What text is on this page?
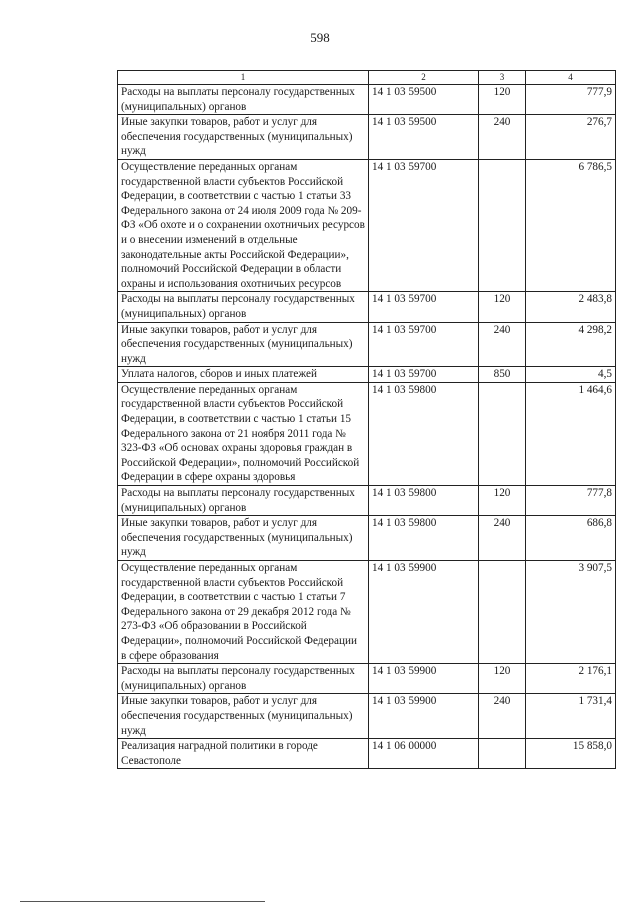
598
1	2	3	4
Расходы на выплаты персоналу государственных (муниципальных) органов	14 1 03 59500	120	777,9
Иные закупки товаров, работ и услуг для обеспечения государственных (муниципальных) нужд	14 1 03 59500	240	276,7
Осуществление переданных органам государственной власти субъектов Российской Федерации, в соответствии с частью 1 статьи 33 Федерального закона от 24 июля 2009 года № 209-ФЗ «Об охоте и о сохранении охотничьих ресурсов и о внесении изменений в отдельные законодательные акты Российской Федерации», полномочий Российской Федерации в области охраны и использования охотничьих ресурсов	14 1 03 59700		6 786,5
Расходы на выплаты персоналу государственных (муниципальных) органов	14 1 03 59700	120	2 483,8
Иные закупки товаров, работ и услуг для обеспечения государственных (муниципальных) нужд	14 1 03 59700	240	4 298,2
Уплата налогов, сборов и иных платежей	14 1 03 59700	850	4,5
Осуществление переданных органам государственной власти субъектов Российской Федерации, в соответствии с частью 1 статьи 15 Федерального закона от 21 ноября 2011 года № 323-ФЗ «Об основах охраны здоровья граждан в Российской Федерации», полномочий Российской Федерации в сфере охраны здоровья	14 1 03 59800		1 464,6
Расходы на выплаты персоналу государственных (муниципальных) органов	14 1 03 59800	120	777,8
Иные закупки товаров, работ и услуг для обеспечения государственных (муниципальных) нужд	14 1 03 59800	240	686,8
Осуществление переданных органам государственной власти субъектов Российской Федерации, в соответствии с частью 1 статьи 7 Федерального закона от 29 декабря 2012 года № 273-ФЗ «Об образовании в Российской Федерации», полномочий Российской Федерации в сфере образования	14 1 03 59900		3 907,5
Расходы на выплаты персоналу государственных (муниципальных) органов	14 1 03 59900	120	2 176,1
Иные закупки товаров, работ и услуг для обеспечения государственных (муниципальных) нужд	14 1 03 59900	240	1 731,4
Реализация наградной политики в городе Севастополе	14 1 06 00000		15 858,0
